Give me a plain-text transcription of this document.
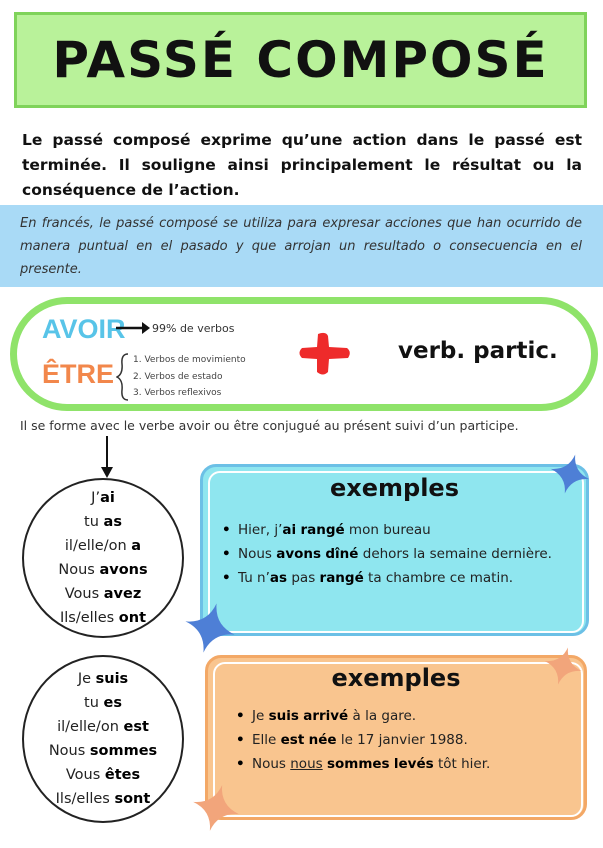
PASSÉ COMPOSÉ
Le passé composé exprime qu’une action dans le passé est terminée. Il souligne ainsi principalement le résultat ou la conséquence de l’action.
En francés, le passé composé se utiliza para expresar acciones que han ocurrido de manera puntual en el pasado y que arrojan un resultado o consecuencia en el presente.
AVOIR 99% de verbos
ÊTRE 1. Verbos de movimiento
2. Verbos de estado
3. Verbos reflexivos
verb. partic.
Il se forme avec le verbe avoir ou être conjugué au présent suivi d’un participe.
J’ai
tu as
il/elle/on a
Nous avons
Vous avez
Ils/elles ont
Je suis
tu es
il/elle/on est
Nous sommes
Vous êtes
Ils/elles sont
exemples
• Hier, j’ai rangé mon bureau
• Nous avons dîné dehors la semaine dernière.
• Tu n’as pas rangé ta chambre ce matin.
exemples
• Je suis arrivé à la gare.
• Elle est née le 17 janvier 1988.
• Nous nous sommes levés tôt hier.
